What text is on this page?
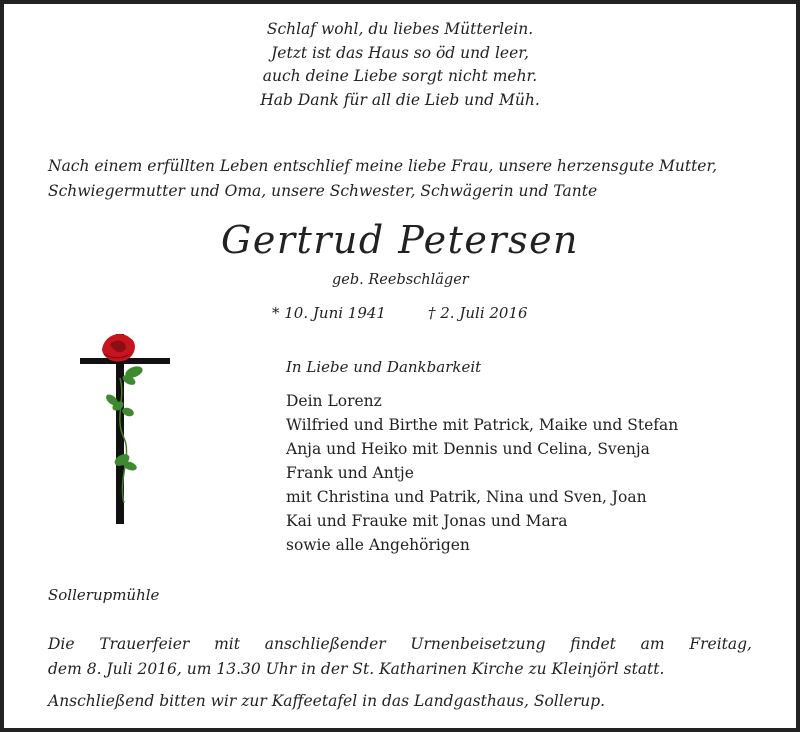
Schlaf wohl, du liebes Mütterlein.
Jetzt ist das Haus so öd und leer,
auch deine Liebe sorgt nicht mehr.
Hab Dank für all die Lieb und Müh.
Nach einem erfüllten Leben entschlief meine liebe Frau, unsere herzensgute Mutter,
Schwiegermutter und Oma, unsere Schwester, Schwägerin und Tante
Gertrud Petersen
geb. Reebschläger
* 10. Juni 1941	† 2. Juli 2016
In Liebe und Dankbarkeit
Dein Lorenz
Wilfried und Birthe mit Patrick, Maike und Stefan
Anja und Heiko mit Dennis und Celina, Svenja
Frank und Antje
mit Christina und Patrik, Nina und Sven, Joan
Kai und Frauke mit Jonas und Mara
sowie alle Angehörigen
Sollerupmühle
Die Trauerfeier mit anschließender Urnenbeisetzung findet am Freitag,
dem 8. Juli 2016, um 13.30 Uhr in der St. Katharinen Kirche zu Kleinjörl statt.
Anschließend bitten wir zur Kaffeetafel in das Landgasthaus, Sollerup.
